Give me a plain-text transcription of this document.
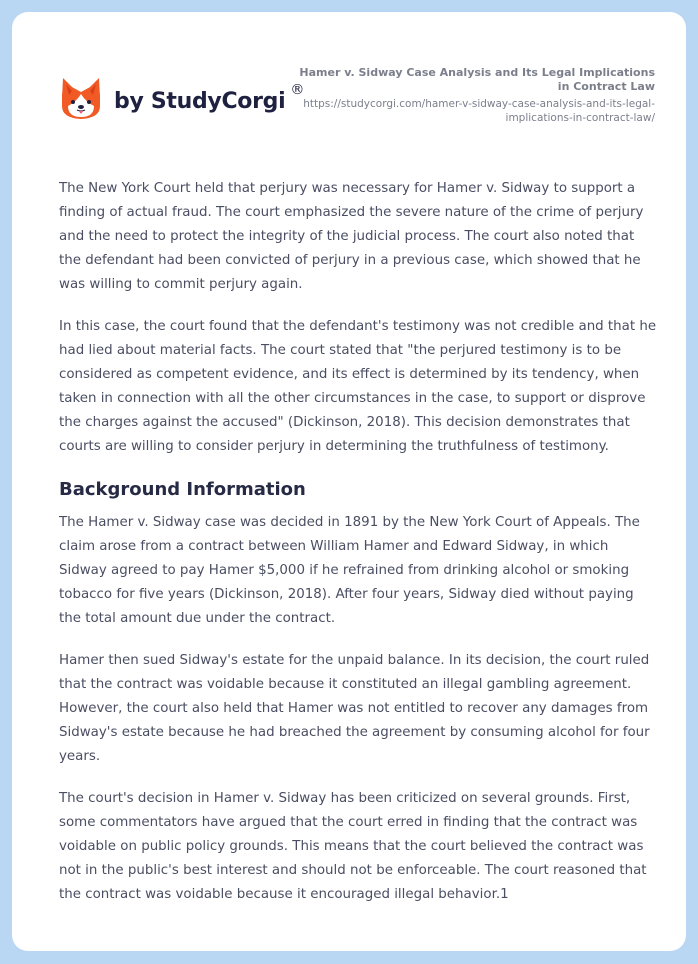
by StudyCorgi ®
Hamer v. Sidway Case Analysis and Its Legal Implications in Contract Law
https://studycorgi.com/hamer-v-sidway-case-analysis-and-its-legal-implications-in-contract-law/

The New York Court held that perjury was necessary for Hamer v. Sidway to support a finding of actual fraud. The court emphasized the severe nature of the crime of perjury and the need to protect the integrity of the judicial process. The court also noted that the defendant had been convicted of perjury in a previous case, which showed that he was willing to commit perjury again.

In this case, the court found that the defendant's testimony was not credible and that he had lied about material facts. The court stated that "the perjured testimony is to be considered as competent evidence, and its effect is determined by its tendency, when taken in connection with all the other circumstances in the case, to support or disprove the charges against the accused" (Dickinson, 2018). This decision demonstrates that courts are willing to consider perjury in determining the truthfulness of testimony.

Background Information

The Hamer v. Sidway case was decided in 1891 by the New York Court of Appeals. The claim arose from a contract between William Hamer and Edward Sidway, in which Sidway agreed to pay Hamer $5,000 if he refrained from drinking alcohol or smoking tobacco for five years (Dickinson, 2018). After four years, Sidway died without paying the total amount due under the contract.

Hamer then sued Sidway's estate for the unpaid balance. In its decision, the court ruled that the contract was voidable because it constituted an illegal gambling agreement. However, the court also held that Hamer was not entitled to recover any damages from Sidway's estate because he had breached the agreement by consuming alcohol for four years.

The court's decision in Hamer v. Sidway has been criticized on several grounds. First, some commentators have argued that the court erred in finding that the contract was voidable on public policy grounds. This means that the court believed the contract was not in the public's best interest and should not be enforceable. The court reasoned that the contract was voidable because it encouraged illegal behavior.1
